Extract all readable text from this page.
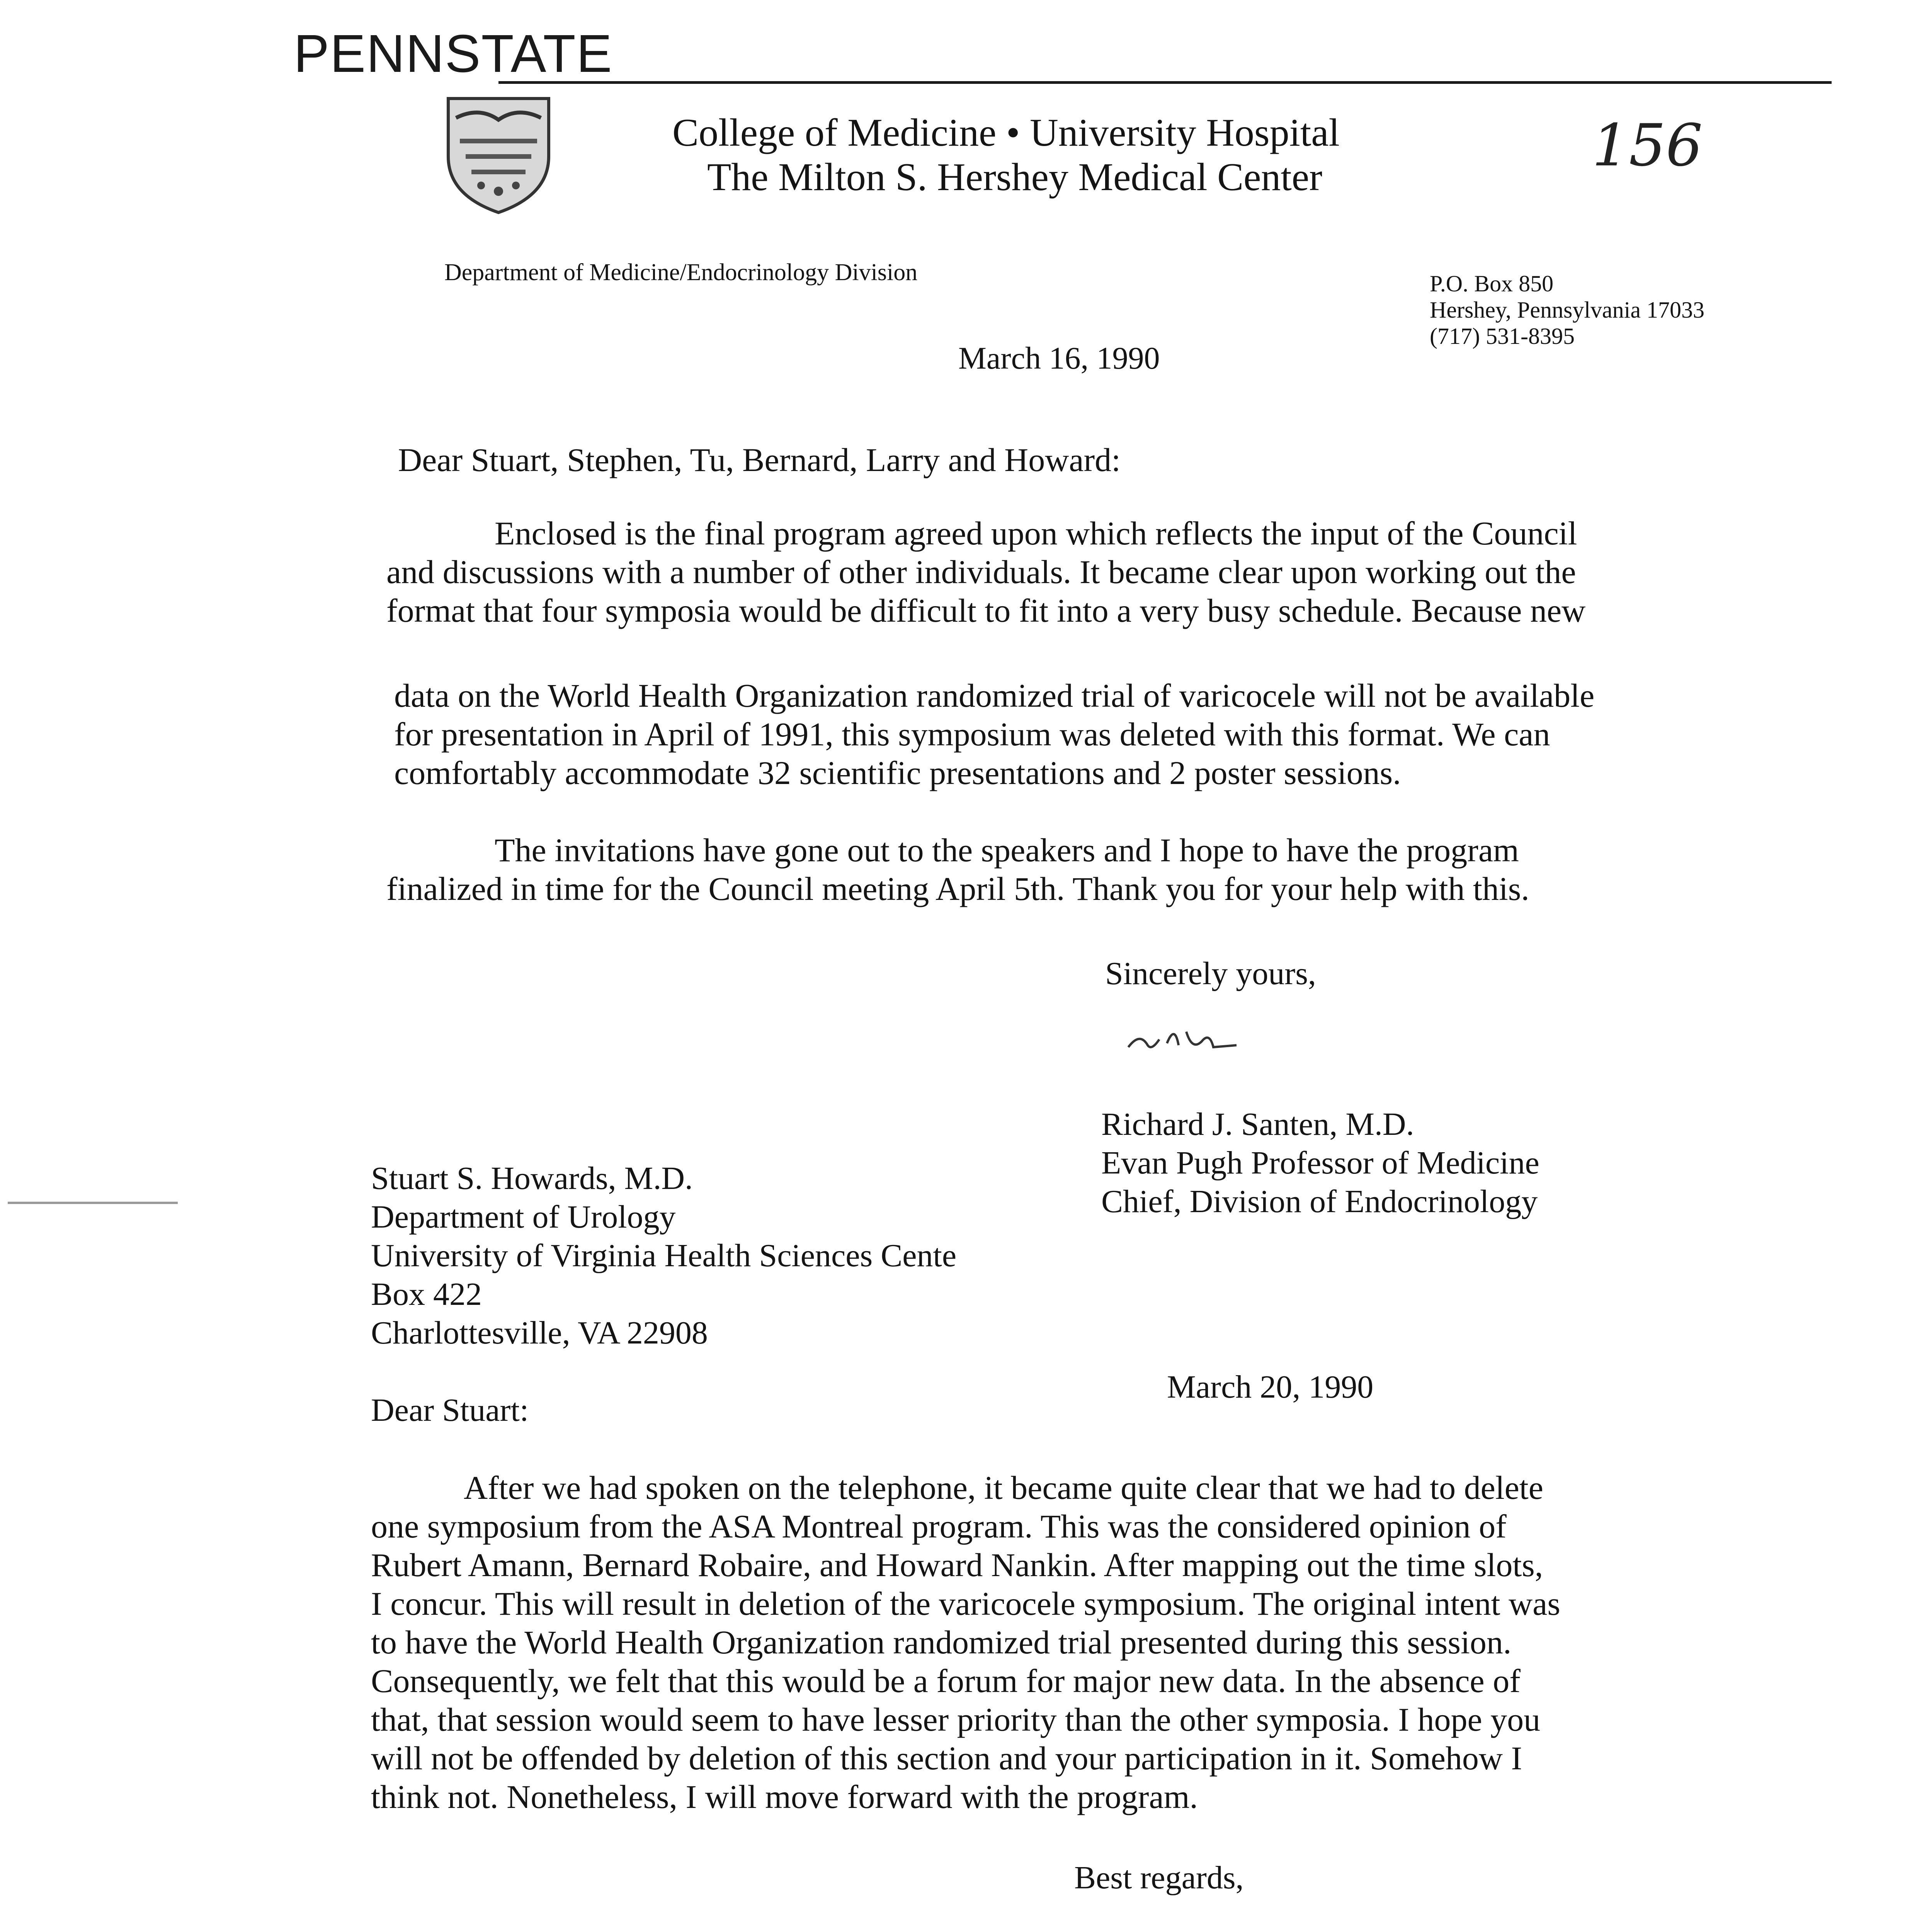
PENNSTATE
College of Medicine • University Hospital
The Milton S. Hershey Medical Center	156
Department of Medicine/Endocrinology Division	P.O. Box 850
Hershey, Pennsylvania 17033
(717) 531-8395
March 16, 1990
Dear Stuart, Stephen, Tu, Bernard, Larry and Howard:
Enclosed is the final program agreed upon which reflects the input of the Council
and discussions with a number of other individuals. It became clear upon working out the
format that four symposia would be difficult to fit into a very busy schedule. Because new
data on the World Health Organization randomized trial of varicocele will not be available
for presentation in April of 1991, this symposium was deleted with this format. We can
comfortably accommodate 32 scientific presentations and 2 poster sessions.
The invitations have gone out to the speakers and I hope to have the program
finalized in time for the Council meeting April 5th. Thank you for your help with this.
Sincerely yours,
Richard J. Santen, M.D.
Evan Pugh Professor of Medicine
Chief, Division of Endocrinology
Stuart S. Howards, M.D.
Department of Urology
University of Virginia Health Sciences Cente
Box 422
Charlottesville, VA 22908
March 20, 1990
Dear Stuart:
After we had spoken on the telephone, it became quite clear that we had to delete
one symposium from the ASA Montreal program. This was the considered opinion of
Rubert Amann, Bernard Robaire, and Howard Nankin. After mapping out the time slots,
I concur. This will result in deletion of the varicocele symposium. The original intent was
to have the World Health Organization randomized trial presented during this session.
Consequently, we felt that this would be a forum for major new data. In the absence of
that, that session would seem to have lesser priority than the other symposia. I hope you
will not be offended by deletion of this section and your participation in it. Somehow I
think not. Nonetheless, I will move forward with the program.
Best regards,
